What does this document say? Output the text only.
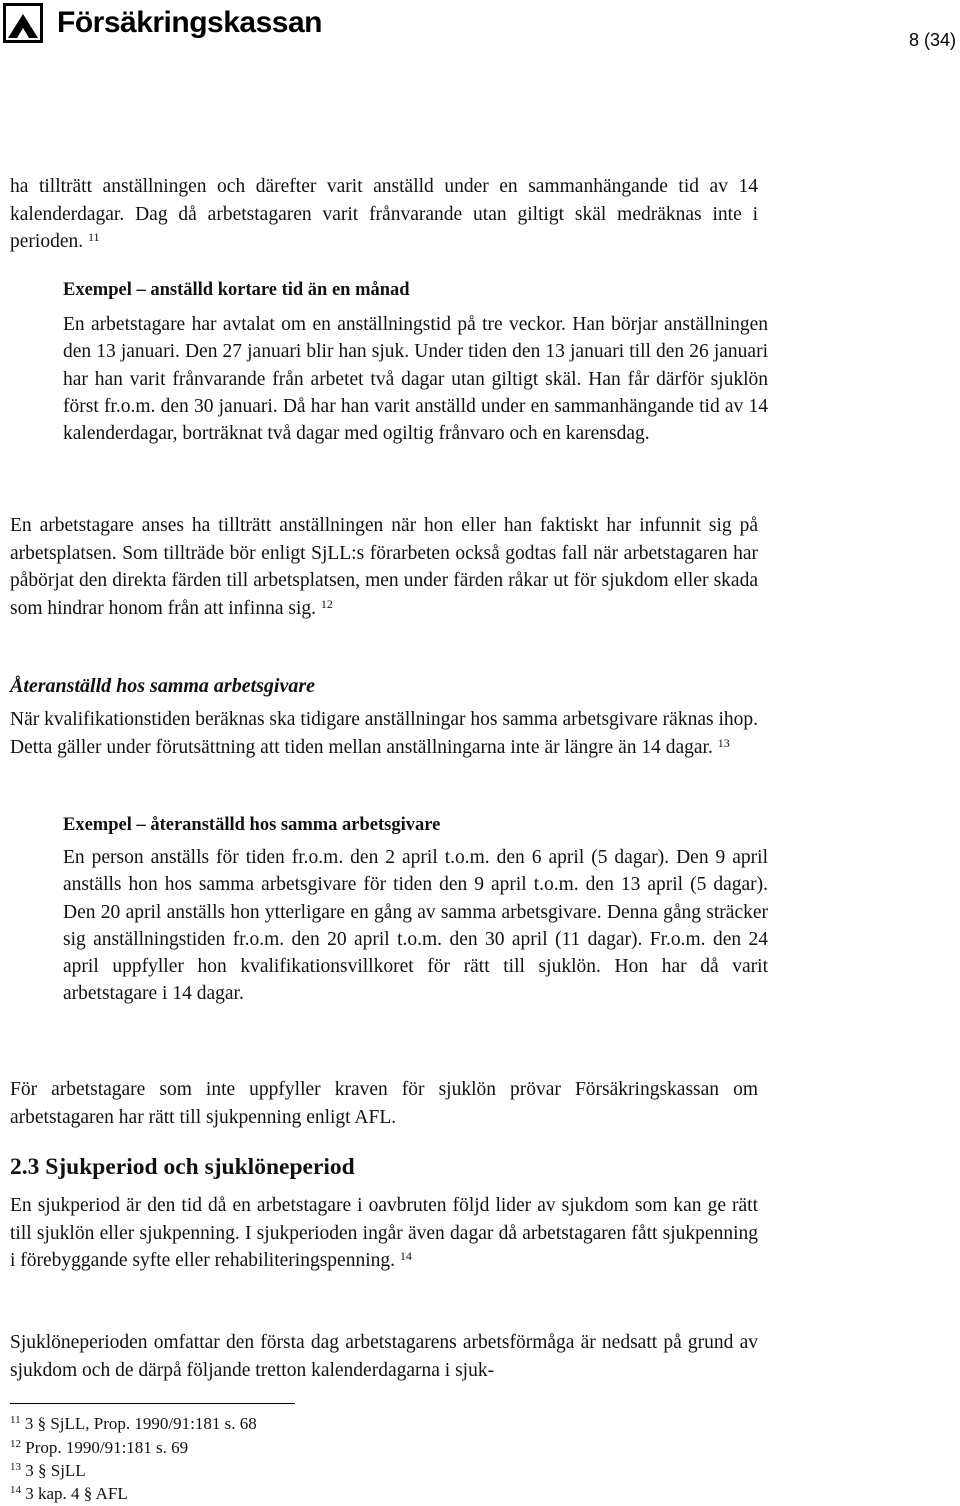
Försäkringskassan
8 (34)

ha tillträtt anställningen och därefter varit anställd under en sammanhängande tid av 14 kalenderdagar. Dag då arbetstagaren varit frånvarande utan giltigt skäl medräknas inte i perioden. $^{11}$

Exempel – anställd kortare tid än en månad

En arbetstagare har avtalat om en anställningstid på tre veckor. Han börjar anställningen den 13 januari. Den 27 januari blir han sjuk. Under tiden den 13 januari till den 26 januari har han varit frånvarande från arbetet två dagar utan giltigt skäl. Han får därför sjuklön först fr.o.m. den 30 januari. Då har han varit anställd under en sammanhängande tid av 14 kalenderdagar, borträknat två dagar med ogiltig frånvaro och en karensdag.

En arbetstagare anses ha tillträtt anställningen när hon eller han faktiskt har infunnit sig på arbetsplatsen. Som tillträde bör enligt SjLL:s förarbeten också godtas fall när arbetstagaren har påbörjat den direkta färden till arbetsplatsen, men under färden råkar ut för sjukdom eller skada som hindrar honom från att infinna sig. $^{12}$

Återanställd hos samma arbetsgivare

När kvalifikationstiden beräknas ska tidigare anställningar hos samma arbetsgivare räknas ihop. Detta gäller under förutsättning att tiden mellan anställningarna inte är längre än 14 dagar. $^{13}$

Exempel – återanställd hos samma arbetsgivare

En person anställs för tiden fr.o.m. den 2 april t.o.m. den 6 april (5 dagar). Den 9 april anställs hon hos samma arbetsgivare för tiden den 9 april t.o.m. den 13 april (5 dagar). Den 20 april anställs hon ytterligare en gång av samma arbetsgivare. Denna gång sträcker sig anställningstiden fr.o.m. den 20 april t.o.m. den 30 april (11 dagar). Fr.o.m. den 24 april uppfyller hon kvalifikationsvillkoret för rätt till sjuklön. Hon har då varit arbetstagare i 14 dagar.

För arbetstagare som inte uppfyller kraven för sjuklön prövar Försäkringskassan om arbetstagaren har rätt till sjukpenning enligt AFL.

2.3 Sjukperiod och sjuklöneperiod

En sjukperiod är den tid då en arbetstagare i oavbruten följd lider av sjukdom som kan ge rätt till sjuklön eller sjukpenning. I sjukperioden ingår även dagar då arbetstagaren fått sjukpenning i förebyggande syfte eller rehabiliteringspenning. $^{14}$

Sjuklöneperioden omfattar den första dag arbetstagarens arbetsförmåga är nedsatt på grund av sjukdom och de därpå följande tretton kalenderdagarna i sjuk-

$^{11}$ 3 § SjLL, Prop. 1990/91:181 s. 68

$^{12}$ Prop. 1990/91:181 s. 69

$^{13}$ 3 § SjLL

$^{14}$ 3 kap. 4 § AFL
